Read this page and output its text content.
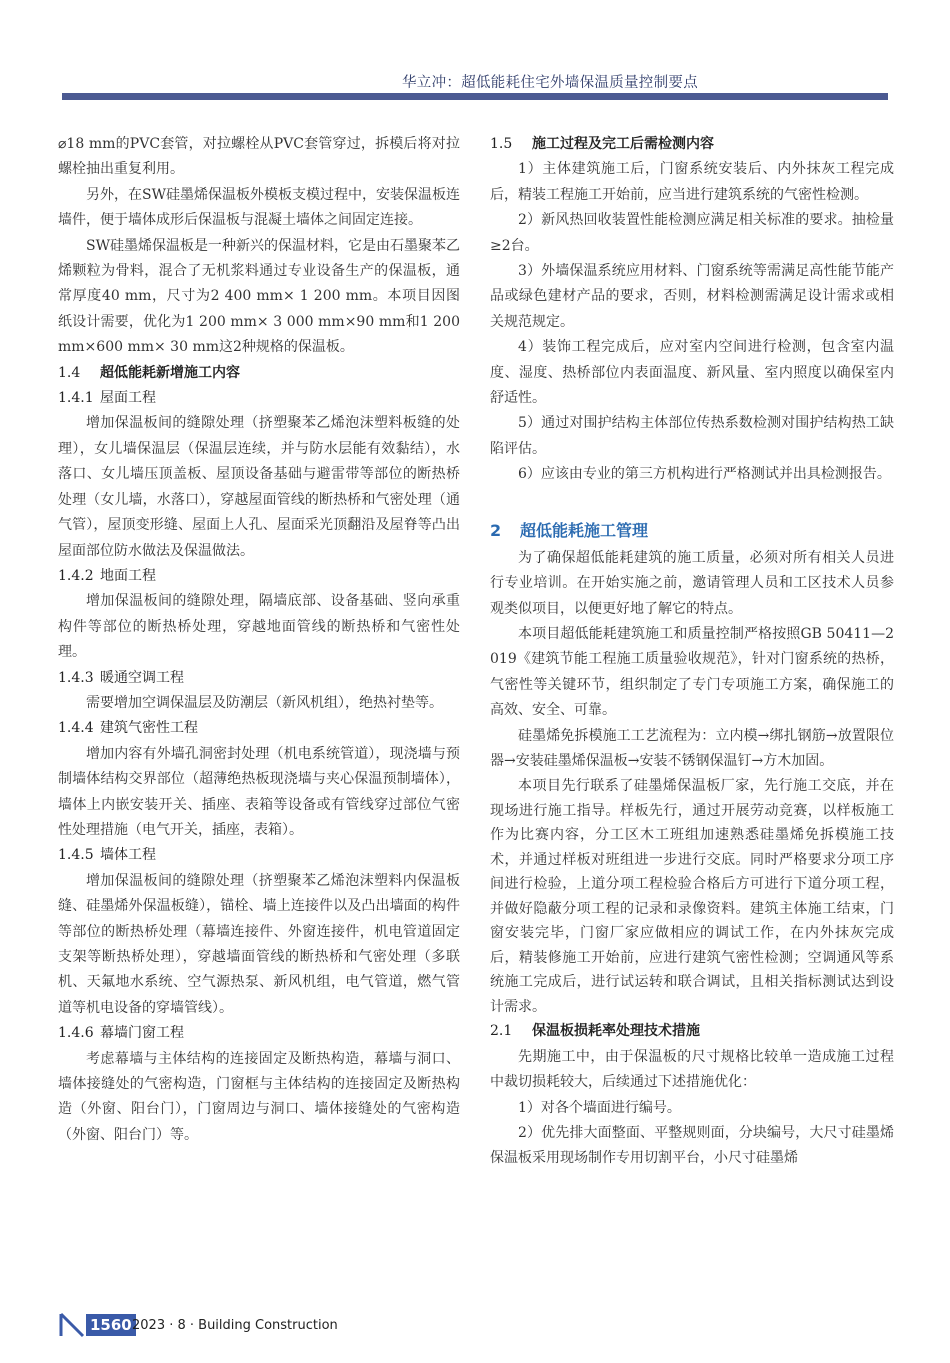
华立冲：超低能耗住宅外墙保温质量控制要点

⌀18 mm的PVC套管，对拉螺栓从PVC套管穿过，拆模后将对拉螺栓抽出重复利用。

另外，在SW硅墨烯保温板外模板支模过程中，安装保温板连墙件，便于墙体成形后保温板与混凝土墙体之间固定连接。

SW硅墨烯保温板是一种新兴的保温材料，它是由石墨聚苯乙烯颗粒为骨料，混合了无机浆料通过专业设备生产的保温板，通常厚度40 mm，尺寸为2 400 mm× 1 200 mm。本项目因图纸设计需要，优化为1 200 mm× 3 000 mm×90 mm和1 200 mm×600 mm× 30 mm这2种规格的保温板。

1.4 超低能耗新增施工内容
1.4.1 屋面工程

增加保温板间的缝隙处理（挤塑聚苯乙烯泡沫塑料板缝的处理），女儿墙保温层（保温层连续，并与防水层能有效黏结），水落口、女儿墙压顶盖板、屋顶设备基础与避雷带等部位的断热桥处理（女儿墙，水落口），穿越屋面管线的断热桥和气密处理（通气管），屋顶变形缝、屋面上人孔、屋面采光顶翻沿及屋脊等凸出屋面部位防水做法及保温做法。

1.4.2 地面工程

增加保温板间的缝隙处理，隔墙底部、设备基础、竖向承重构件等部位的断热桥处理，穿越地面管线的断热桥和气密性处理。

1.4.3 暖通空调工程

需要增加空调保温层及防潮层（新风机组），绝热衬垫等。

1.4.4 建筑气密性工程

增加内容有外墙孔洞密封处理（机电系统管道），现浇墙与预制墙体结构交界部位（超薄绝热板现浇墙与夹心保温预制墙体），墙体上内嵌安装开关、插座、表箱等设备或有管线穿过部位气密性处理措施（电气开关，插座，表箱）。

1.4.5 墙体工程

增加保温板间的缝隙处理（挤塑聚苯乙烯泡沫塑料内保温板缝、硅墨烯外保温板缝），锚栓、墙上连接件以及凸出墙面的构件等部位的断热桥处理（幕墙连接件、外窗连接件，机电管道固定支架等断热桥处理），穿越墙面管线的断热桥和气密处理（多联机、天氟地水系统、空气源热泵、新风机组，电气管道，燃气管道等机电设备的穿墙管线）。

1.4.6 幕墙门窗工程

考虑幕墙与主体结构的连接固定及断热构造，幕墙与洞口、墙体接缝处的气密构造，门窗框与主体结构的连接固定及断热构造（外窗、阳台门），门窗周边与洞口、墙体接缝处的气密构造（外窗、阳台门）等。

1.5 施工过程及完工后需检测内容

1）主体建筑施工后，门窗系统安装后、内外抹灰工程完成后，精装工程施工开始前，应当进行建筑系统的气密性检测。

2）新风热回收装置性能检测应满足相关标准的要求。抽检量≥2台。

3）外墙保温系统应用材料、门窗系统等需满足高性能节能产品或绿色建材产品的要求，否则，材料检测需满足设计需求或相关规范规定。

4）装饰工程完成后，应对室内空间进行检测，包含室内温度、湿度、热桥部位内表面温度、新风量、室内照度以确保室内舒适性。

5）通过对围护结构主体部位传热系数检测对围护结构热工缺陷评估。

6）应该由专业的第三方机构进行严格测试并出具检测报告。

2 超低能耗施工管理

为了确保超低能耗建筑的施工质量，必须对所有相关人员进行专业培训。在开始实施之前，邀请管理人员和工区技术人员参观类似项目，以便更好地了解它的特点。

本项目超低能耗建筑施工和质量控制严格按照GB 50411—2019《建筑节能工程施工质量验收规范》，针对门窗系统的热桥，气密性等关键环节，组织制定了专门专项施工方案，确保施工的高效、安全、可靠。

硅墨烯免拆模施工工艺流程为：立内模→绑扎钢筋→放置限位器→安装硅墨烯保温板→安装不锈钢保温钉→方木加固。

本项目先行联系了硅墨烯保温板厂家，先行施工交底，并在现场进行施工指导。样板先行，通过开展劳动竞赛，以样板施工作为比赛内容，分工区木工班组加速熟悉硅墨烯免拆模施工技术，并通过样板对班组进一步进行交底。同时严格要求分项工序间进行检验，上道分项工程检验合格后方可进行下道分项工程，并做好隐蔽分项工程的记录和录像资料。建筑主体施工结束，门窗安装完毕，门窗厂家应做相应的调试工作，在内外抹灰完成后，精装修施工开始前，应进行建筑气密性检测；空调通风等系统施工完成后，进行试运转和联合调试，且相关指标测试达到设计需求。

2.1 保温板损耗率处理技术措施

先期施工中，由于保温板的尺寸规格比较单一造成施工过程中裁切损耗较大，后续通过下述措施优化：

1）对各个墙面进行编号。

2）优先排大面整面、平整规则面，分块编号，大尺寸硅墨烯保温板采用现场制作专用切割平台，小尺寸硅墨烯

1560 2023 · 8 · Building Construction
